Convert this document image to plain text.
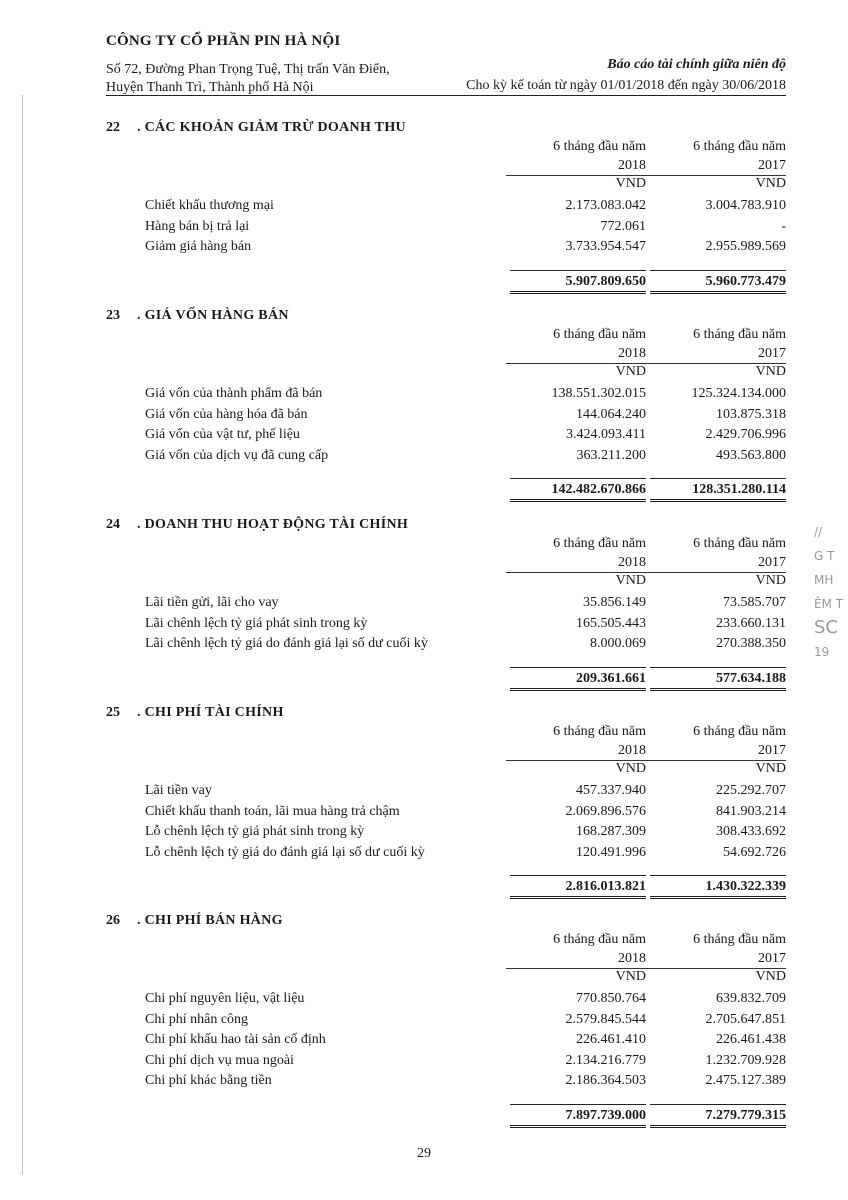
CÔNG TY CỔ PHẦN PIN HÀ NỘI
Số 72, Đường Phan Trọng Tuệ, Thị trấn Văn Điển,
Huyện Thanh Trì, Thành phố Hà Nội
Báo cáo tài chính giữa niên độ
Cho kỳ kế toán từ ngày 01/01/2018 đến ngày 30/06/2018
22 . CÁC KHOẢN GIẢM TRỪ DOANH THU
6 tháng đầu năm
2018
6 tháng đầu năm
2017
VND	VND
Chiết khấu thương mại	2.173.083.042	3.004.783.910
Hàng bán bị trả lại	772.061	-
Giảm giá hàng bán	3.733.954.547	2.955.989.569
5.907.809.650	5.960.773.479
23 . GIÁ VỐN HÀNG BÁN
6 tháng đầu năm
2018
6 tháng đầu năm
2017
VND	VND
Giá vốn của thành phẩm đã bán	138.551.302.015	125.324.134.000
Giá vốn của hàng hóa đã bán	144.064.240	103.875.318
Giá vốn của vật tư, phế liệu	3.424.093.411	2.429.706.996
Giá vốn của dịch vụ đã cung cấp	363.211.200	493.563.800
142.482.670.866	128.351.280.114
24 . DOANH THU HOẠT ĐỘNG TÀI CHÍNH
6 tháng đầu năm
2018
6 tháng đầu năm
2017
VND	VND
Lãi tiền gửi, lãi cho vay	35.856.149	73.585.707
Lãi chênh lệch tỷ giá phát sinh trong kỳ	165.505.443	233.660.131
Lãi chênh lệch tỷ giá do đánh giá lại số dư cuối kỳ	8.000.069	270.388.350
209.361.661	577.634.188
25 . CHI PHÍ TÀI CHÍNH
6 tháng đầu năm
2018
6 tháng đầu năm
2017
VND	VND
Lãi tiền vay	457.337.940	225.292.707
Chiết khấu thanh toán, lãi mua hàng trả chậm	2.069.896.576	841.903.214
Lỗ chênh lệch tỷ giá phát sinh trong kỳ	168.287.309	308.433.692
Lỗ chênh lệch tỷ giá do đánh giá lại số dư cuối kỳ	120.491.996	54.692.726
2.816.013.821	1.430.322.339
26 . CHI PHÍ BÁN HÀNG
6 tháng đầu năm
2018
6 tháng đầu năm
2017
VND	VND
Chi phí nguyên liệu, vật liệu	770.850.764	639.832.709
Chi phí nhân công	2.579.845.544	2.705.647.851
Chi phí khấu hao tài sản cố định	226.461.410	226.461.438
Chi phí dịch vụ mua ngoài	2.134.216.779	1.232.709.928
Chi phí khác bằng tiền	2.186.364.503	2.475.127.389
7.897.739.000	7.279.779.315
//
G T
MH
ÊM T
SC
19
29
